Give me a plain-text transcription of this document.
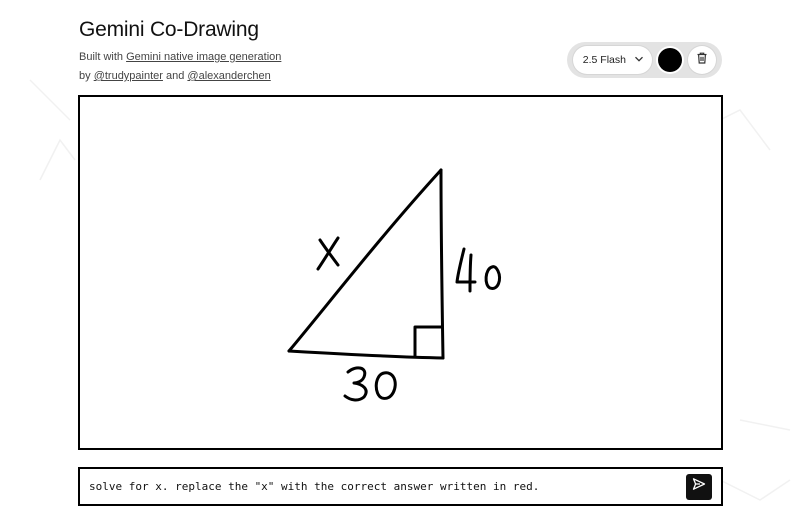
Gemini Co-Drawing
Built with Gemini native image generation
by @trudypainter and @alexanderchen
2.5 Flash
X
40
30
solve for x. replace the "x" with the correct answer written in red.
